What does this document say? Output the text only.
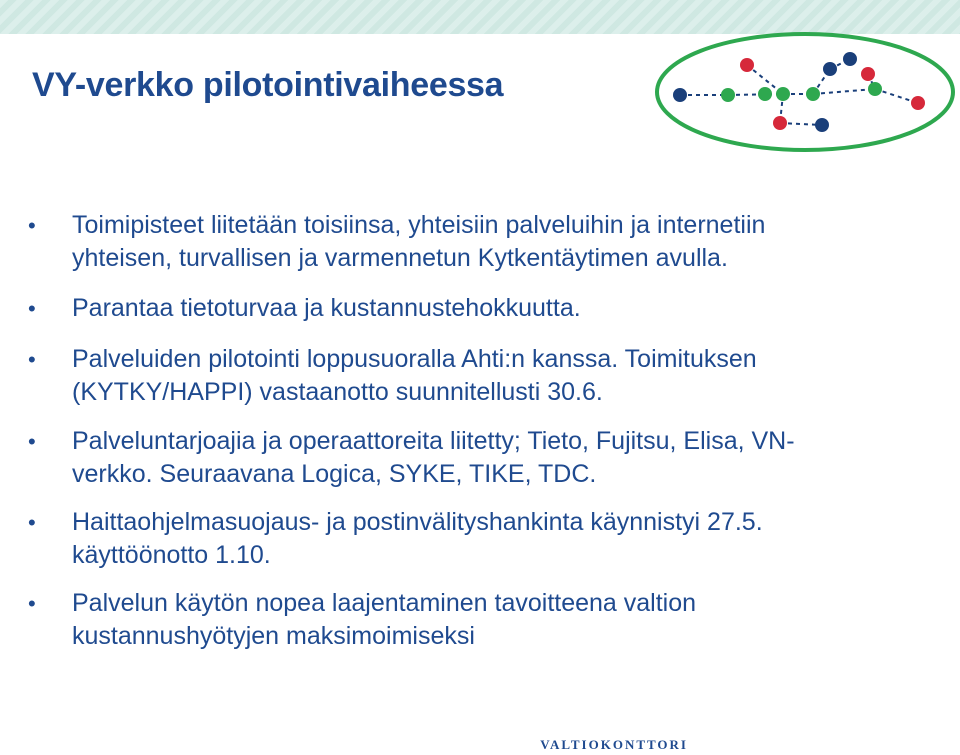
VY-verkko pilotointivaiheessa
• Toimipisteet liitetään toisiinsa, yhteisiin palveluihin ja internetiin yhteisen, turvallisen ja varmennetun Kytkentäytimen avulla.
• Parantaa tietoturvaa ja kustannustehokkuutta.
• Palveluiden pilotointi loppusuoralla Ahti:n kanssa. Toimituksen (KYTKY/HAPPI) vastaanotto suunnitellusti 30.6.
• Palveluntarjoajia ja operaattoreita liitetty; Tieto, Fujitsu, Elisa, VN-verkko. Seuraavana Logica, SYKE, TIKE, TDC.
• Haittaohjelmasuojaus- ja postinvälityshankinta käynnistyi 27.5. käyttöönotto 1.10.
• Palvelun käytön nopea laajentaminen tavoitteena valtion kustannushyötyjen maksimoimiseksi
VALTIOKONTTORI
